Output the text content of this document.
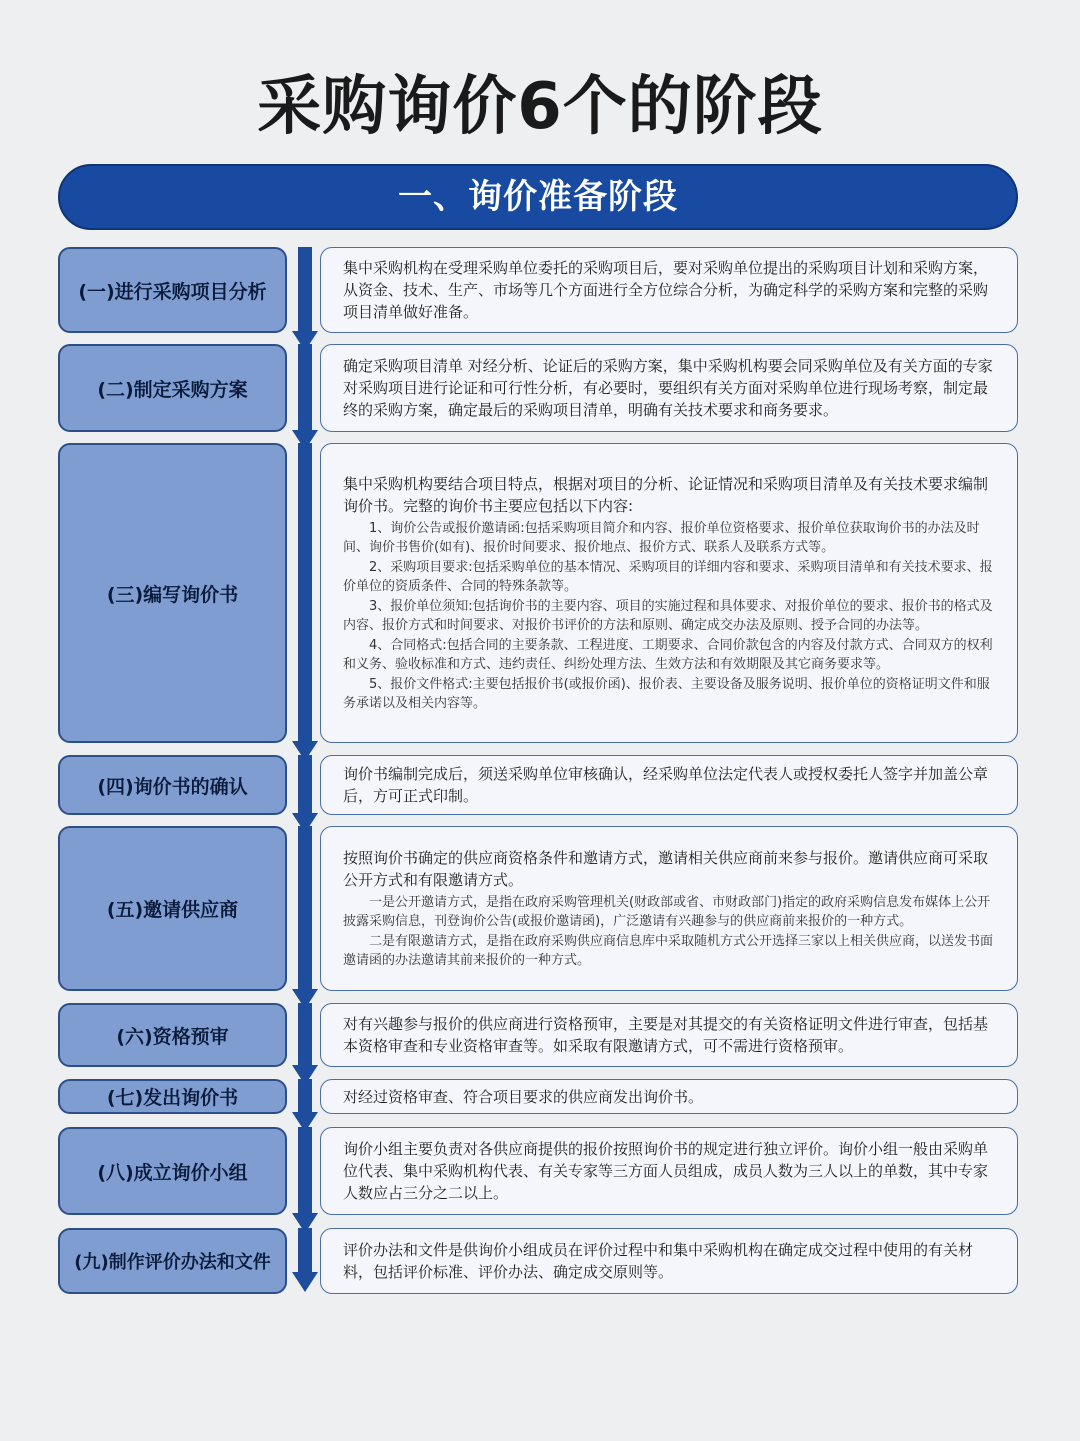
采购询价6个的阶段
一、询价准备阶段
(一)进行采购项目分析
集中采购机构在受理采购单位委托的采购项目后，要对采购单位提出的采购项目计划和采购方案，从资金、技术、生产、市场等几个方面进行全方位综合分析，为确定科学的采购方案和完整的采购项目清单做好准备。
(二)制定采购方案
确定采购项目清单 对经分析、论证后的采购方案，集中采购机构要会同采购单位及有关方面的专家对采购项目进行论证和可行性分析，有必要时，要组织有关方面对采购单位进行现场考察，制定最终的采购方案，确定最后的采购项目清单，明确有关技术要求和商务要求。
(三)编写询价书
集中采购机构要结合项目特点，根据对项目的分析、论证情况和采购项目清单及有关技术要求编制询价书。完整的询价书主要应包括以下内容:
1、询价公告或报价邀请函:包括采购项目简介和内容、报价单位资格要求、报价单位获取询价书的办法及时间、询价书售价(如有)、报价时间要求、报价地点、报价方式、联系人及联系方式等。
2、采购项目要求:包括采购单位的基本情况、采购项目的详细内容和要求、采购项目清单和有关技术要求、报价单位的资质条件、合同的特殊条款等。
3、报价单位须知:包括询价书的主要内容、项目的实施过程和具体要求、对报价单位的要求、报价书的格式及内容、报价方式和时间要求、对报价书评价的方法和原则、确定成交办法及原则、授予合同的办法等。
4、合同格式:包括合同的主要条款、工程进度、工期要求、合同价款包含的内容及付款方式、合同双方的权利和义务、验收标准和方式、违约责任、纠纷处理方法、生效方法和有效期限及其它商务要求等。
5、报价文件格式:主要包括报价书(或报价函)、报价表、主要设备及服务说明、报价单位的资格证明文件和服务承诺以及相关内容等。
(四)询价书的确认
询价书编制完成后，须送采购单位审核确认，经采购单位法定代表人或授权委托人签字并加盖公章后，方可正式印制。
(五)邀请供应商
按照询价书确定的供应商资格条件和邀请方式，邀请相关供应商前来参与报价。邀请供应商可采取公开方式和有限邀请方式。
一是公开邀请方式，是指在政府采购管理机关(财政部或省、市财政部门)指定的政府采购信息发布媒体上公开披露采购信息，刊登询价公告(或报价邀请函)，广泛邀请有兴趣参与的供应商前来报价的一种方式。
二是有限邀请方式，是指在政府采购供应商信息库中采取随机方式公开选择三家以上相关供应商，以送发书面邀请函的办法邀请其前来报价的一种方式。
(六)资格预审
对有兴趣参与报价的供应商进行资格预审，主要是对其提交的有关资格证明文件进行审查，包括基本资格审查和专业资格审查等。如采取有限邀请方式，可不需进行资格预审。
(七)发出询价书	对经过资格审查、符合项目要求的供应商发出询价书。
(八)成立询价小组
询价小组主要负责对各供应商提供的报价按照询价书的规定进行独立评价。询价小组一般由采购单位代表、集中采购机构代表、有关专家等三方面人员组成，成员人数为三人以上的单数，其中专家人数应占三分之二以上。
(九)制作评价办法和文件
评价办法和文件是供询价小组成员在评价过程中和集中采购机构在确定成交过程中使用的有关材料，包括评价标准、评价办法、确定成交原则等。
